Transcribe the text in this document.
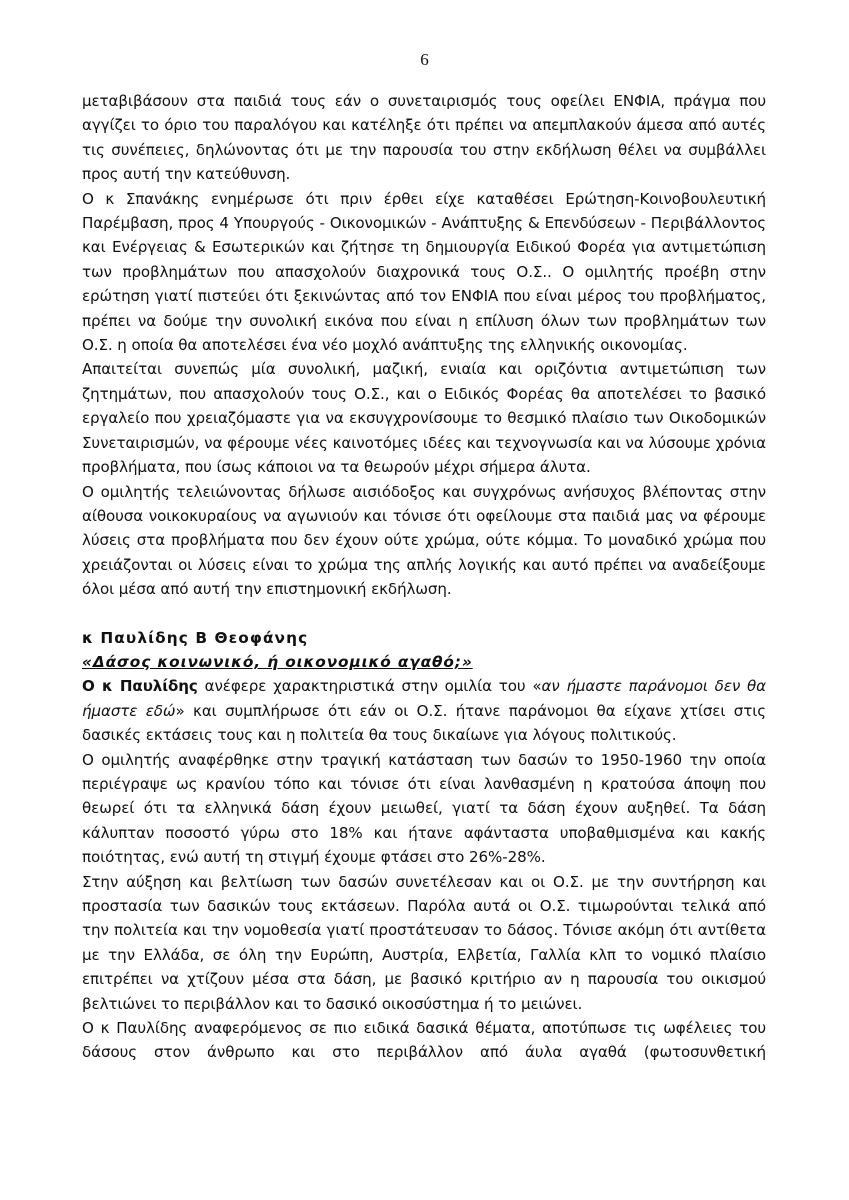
6

μεταβιβάσουν στα παιδιά τους εάν ο συνεταιρισμός τους οφείλει ΕΝΦΙΑ, πράγμα που αγγίζει το όριο του παραλόγου και κατέληξε ότι πρέπει να απεμπλακούν άμεσα από αυτές τις συνέπειες, δηλώνοντας ότι με την παρουσία του στην εκδήλωση θέλει να συμβάλλει προς αυτή την κατεύθυνση.

Ο κ Σπανάκης ενημέρωσε ότι πριν έρθει είχε καταθέσει Ερώτηση-Κοινοβουλευτική Παρέμβαση, προς 4 Υπουργούς - Οικονομικών - Ανάπτυξης & Επενδύσεων - Περιβάλλοντος και Ενέργειας & Εσωτερικών και ζήτησε τη δημιουργία Ειδικού Φορέα για αντιμετώπιση των προβλημάτων που απασχολούν διαχρονικά τους Ο.Σ.. Ο ομιλητής προέβη στην ερώτηση γιατί πιστεύει ότι ξεκινώντας από τον ΕΝΦΙΑ που είναι μέρος του προβλήματος, πρέπει να δούμε την συνολική εικόνα που είναι η επίλυση όλων των προβλημάτων των Ο.Σ. η οποία θα αποτελέσει ένα νέο μοχλό ανάπτυξης της ελληνικής οικονομίας.

Απαιτείται συνεπώς μία συνολική, μαζική, ενιαία και οριζόντια αντιμετώπιση των ζητημάτων, που απασχολούν τους Ο.Σ., και ο Ειδικός Φορέας θα αποτελέσει το βασικό εργαλείο που χρειαζόμαστε για να εκσυγχρονίσουμε το θεσμικό πλαίσιο των Οικοδομικών Συνεταιρισμών, να φέρουμε νέες καινοτόμες ιδέες και τεχνογνωσία και να λύσουμε χρόνια προβλήματα, που ίσως κάποιοι να τα θεωρούν μέχρι σήμερα άλυτα.

Ο ομιλητής τελειώνοντας δήλωσε αισιόδοξος και συγχρόνως ανήσυχος βλέποντας στην αίθουσα νοικοκυραίους να αγωνιούν και τόνισε ότι οφείλουμε στα παιδιά μας να φέρουμε λύσεις στα προβλήματα που δεν έχουν ούτε χρώμα, ούτε κόμμα. Το μοναδικό χρώμα που χρειάζονται οι λύσεις είναι το χρώμα της απλής λογικής και αυτό πρέπει να αναδείξουμε όλοι μέσα από αυτή την επιστημονική εκδήλωση.

κ Παυλίδης Β Θεοφάνης

«Δάσος κοινωνικό, ή οικονομικό αγαθό;»

Ο κ Παυλίδης ανέφερε χαρακτηριστικά στην ομιλία του «αν ήμαστε παράνομοι δεν θα ήμαστε εδώ» και συμπλήρωσε ότι εάν οι Ο.Σ. ήτανε παράνομοι θα είχανε χτίσει στις δασικές εκτάσεις τους και η πολιτεία θα τους δικαίωνε για λόγους πολιτικούς.

Ο ομιλητής αναφέρθηκε στην τραγική κατάσταση των δασών το 1950-1960 την οποία περιέγραψε ως κρανίου τόπο και τόνισε ότι είναι λανθασμένη η κρατούσα άποψη που θεωρεί ότι τα ελληνικά δάση έχουν μειωθεί, γιατί τα δάση έχουν αυξηθεί. Τα δάση κάλυπταν ποσοστό γύρω στο 18% και ήτανε αφάνταστα υποβαθμισμένα και κακής ποιότητας, ενώ αυτή τη στιγμή έχουμε φτάσει στο 26%-28%.

Στην αύξηση και βελτίωση των δασών συνετέλεσαν και οι Ο.Σ. με την συντήρηση και προστασία των δασικών τους εκτάσεων. Παρόλα αυτά οι Ο.Σ. τιμωρούνται τελικά από την πολιτεία και την νομοθεσία γιατί προστάτευσαν το δάσος. Τόνισε ακόμη ότι αντίθετα με την Ελλάδα, σε όλη την Ευρώπη, Αυστρία, Ελβετία, Γαλλία κλπ το νομικό πλαίσιο επιτρέπει να χτίζουν μέσα στα δάση, με βασικό κριτήριο αν η παρουσία του οικισμού βελτιώνει το περιβάλλον και το δασικό οικοσύστημα ή το μειώνει.

Ο κ Παυλίδης αναφερόμενος σε πιο ειδικά δασικά θέματα, αποτύπωσε τις ωφέλειες του δάσους στον άνθρωπο και στο περιβάλλον από άυλα αγαθά (φωτοσυνθετική
